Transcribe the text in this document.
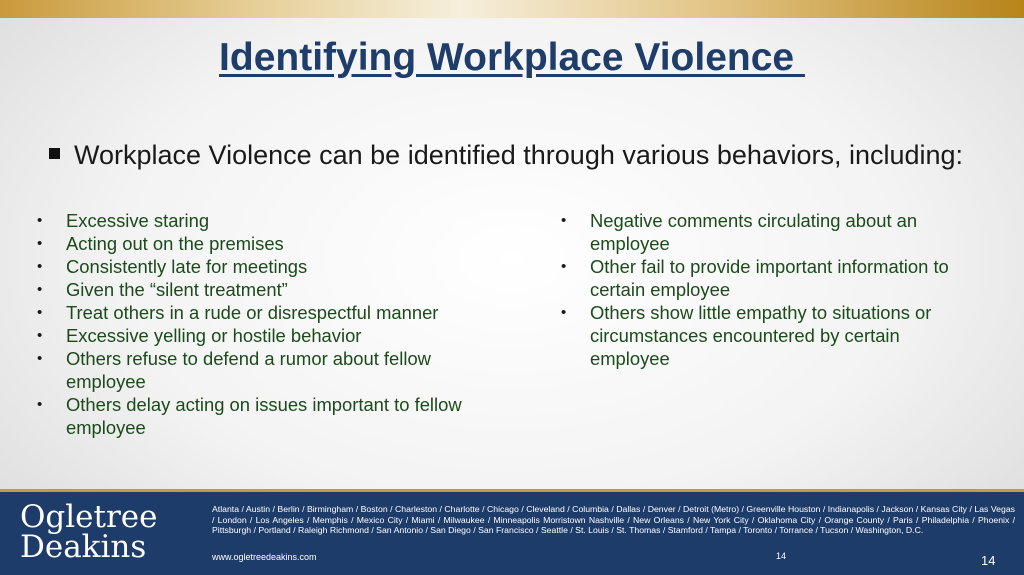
Identifying Workplace Violence
Workplace Violence can be identified through various behaviors, including:
• Excessive staring
• Acting out on the premises
• Consistently late for meetings
• Given the “silent treatment”
• Treat others in a rude or disrespectful manner
• Excessive yelling or hostile behavior
• Others refuse to defend a rumor about fellow employee
• Others delay acting on issues important to fellow employee
• Negative comments circulating about an employee
• Other fail to provide important information to certain employee
• Others show little empathy to situations or circumstances encountered by certain employee
Ogletree
Deakins
Atlanta / Austin / Berlin / Birmingham / Boston / Charleston / Charlotte / Chicago / Cleveland / Columbia / Dallas / Denver / Detroit (Metro) / Greenville Houston / Indianapolis / Jackson / Kansas City / Las Vegas / London / Los Angeles / Memphis / Mexico City / Miami / Milwaukee / Minneapolis Morristown Nashville / New Orleans / New York City / Oklahoma City / Orange County / Paris / Philadelphia / Phoenix / Pittsburgh / Portland / Raleigh Richmond / San Antonio / San Diego / San Francisco / Seattle / St. Louis / St. Thomas / Stamford / Tampa / Toronto / Torrance / Tucson / Washington, D.C.
www.ogletreedeakins.com	14	14
